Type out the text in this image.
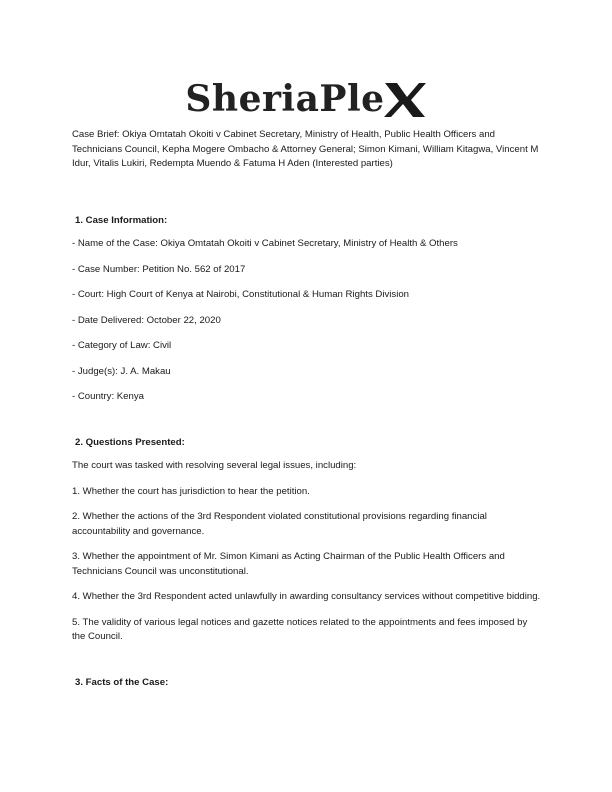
SheriaPle

Case Brief: Okiya Omtatah Okoiti v Cabinet Secretary, Ministry of Health, Public Health Officers and Technicians Council, Kepha Mogere Ombacho & Attorney General; Simon Kimani, William Kitagwa, Vincent M Idur, Vitalis Lukiri, Redempta Muendo & Fatuma H Aden (Interested parties)

1. Case Information:

- Name of the Case: Okiya Omtatah Okoiti v Cabinet Secretary, Ministry of Health & Others

- Case Number: Petition No. 562 of 2017

- Court: High Court of Kenya at Nairobi, Constitutional & Human Rights Division

- Date Delivered: October 22, 2020

- Category of Law: Civil

- Judge(s): J. A. Makau

- Country: Kenya

2. Questions Presented:

The court was tasked with resolving several legal issues, including:

1. Whether the court has jurisdiction to hear the petition.

2. Whether the actions of the 3rd Respondent violated constitutional provisions regarding financial accountability and governance.

3. Whether the appointment of Mr. Simon Kimani as Acting Chairman of the Public Health Officers and Technicians Council was unconstitutional.

4. Whether the 3rd Respondent acted unlawfully in awarding consultancy services without competitive bidding.

5. The validity of various legal notices and gazette notices related to the appointments and fees imposed by the Council.

3. Facts of the Case:
